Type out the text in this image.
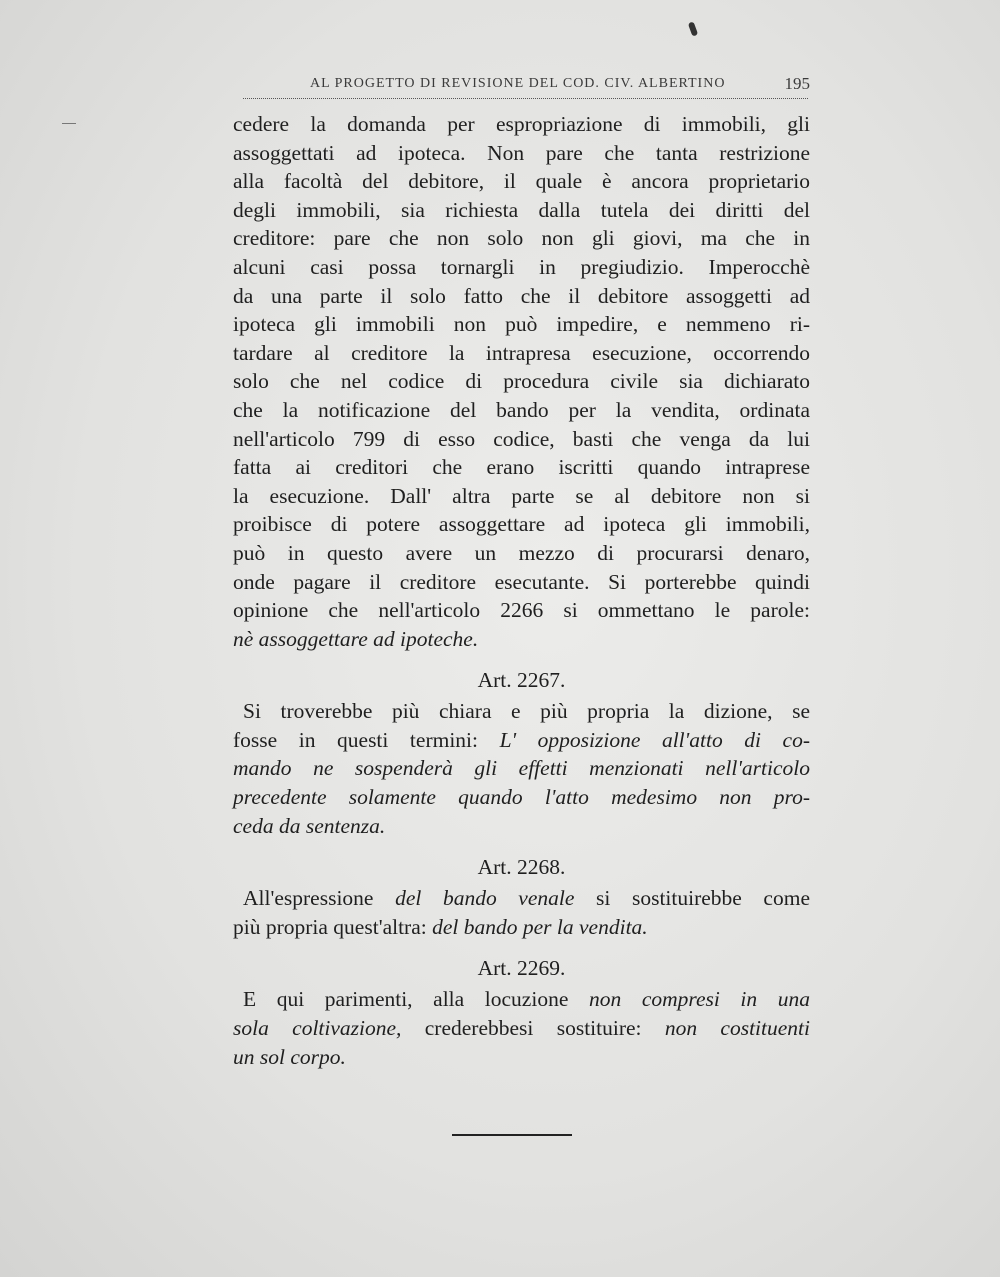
AL PROGETTO DI REVISIONE DEL COD. CIV. ALBERTINO	195
cedere la domanda per espropriazione di immobili, gli
assoggettati ad ipoteca. Non pare che tanta restrizione
alla facoltà del debitore, il quale è ancora proprietario
degli immobili, sia richiesta dalla tutela dei diritti del
creditore: pare che non solo non gli giovi, ma che in
alcuni casi possa tornargli in pregiudizio. Imperocchè
da una parte il solo fatto che il debitore assoggetti ad
ipoteca gli immobili non può impedire, e nemmeno ri-
tardare al creditore la intrapresa esecuzione, occorrendo
solo che nel codice di procedura civile sia dichiarato
che la notificazione del bando per la vendita, ordinata
nell'articolo 799 di esso codice, basti che venga da lui
fatta ai creditori che erano iscritti quando intraprese
la esecuzione. Dall' altra parte se al debitore non si
proibisce di potere assoggettare ad ipoteca gli immobili,
può in questo avere un mezzo di procurarsi denaro,
onde pagare il creditore esecutante. Si porterebbe quindi
opinione che nell'articolo 2266 si ommettano le parole:
nè assoggettare ad ipoteche.
Art. 2267.
Si troverebbe più chiara e più propria la dizione, se
fosse in questi termini: L' opposizione all'atto di co-
mando ne sospenderà gli effetti menzionati nell'articolo
precedente solamente quando l'atto medesimo non pro-
ceda da sentenza.
Art. 2268.
All'espressione del bando venale si sostituirebbe come
più propria quest'altra: del bando per la vendita.
Art. 2269.
E qui parimenti, alla locuzione non compresi in una
sola coltivazione, crederebbesi sostituire: non costituenti
un sol corpo.
